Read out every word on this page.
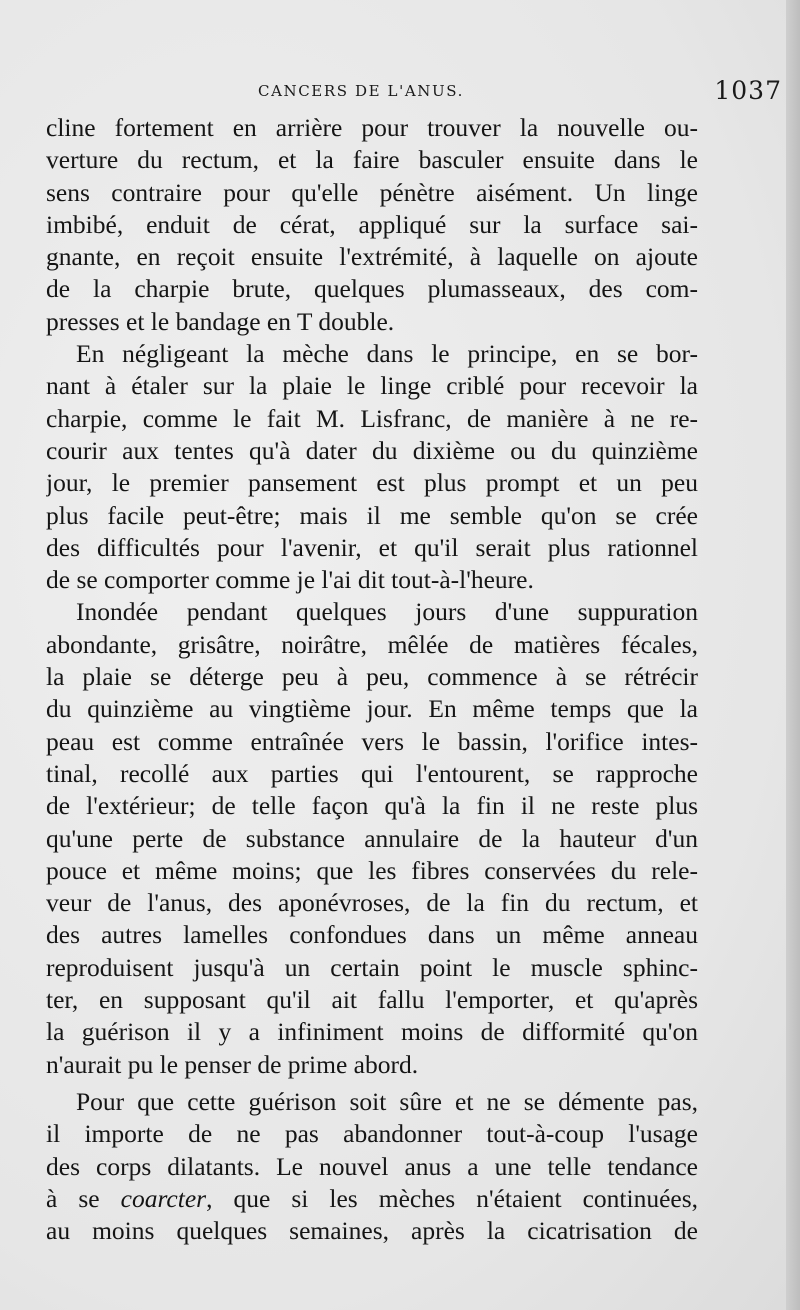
CANCERS DE L'ANUS.	1037
cline fortement en arrière pour trouver la nouvelle ou-
verture du rectum, et la faire basculer ensuite dans le
sens contraire pour qu'elle pénètre aisément. Un linge
imbibé, enduit de cérat, appliqué sur la surface sai-
gnante, en reçoit ensuite l'extrémité, à laquelle on ajoute
de la charpie brute, quelques plumasseaux, des com-
presses et le bandage en T double.
En négligeant la mèche dans le principe, en se bor-
nant à étaler sur la plaie le linge criblé pour recevoir la
charpie, comme le fait M. Lisfranc, de manière à ne re-
courir aux tentes qu'à dater du dixième ou du quinzième
jour, le premier pansement est plus prompt et un peu
plus facile peut-être; mais il me semble qu'on se crée
des difficultés pour l'avenir, et qu'il serait plus rationnel
de se comporter comme je l'ai dit tout-à-l'heure.
Inondée pendant quelques jours d'une suppuration
abondante, grisâtre, noirâtre, mêlée de matières fécales,
la plaie se déterge peu à peu, commence à se rétrécir
du quinzième au vingtième jour. En même temps que la
peau est comme entraînée vers le bassin, l'orifice intes-
tinal, recollé aux parties qui l'entourent, se rapproche
de l'extérieur; de telle façon qu'à la fin il ne reste plus
qu'une perte de substance annulaire de la hauteur d'un
pouce et même moins; que les fibres conservées du rele-
veur de l'anus, des aponévroses, de la fin du rectum, et
des autres lamelles confondues dans un même anneau
reproduisent jusqu'à un certain point le muscle sphinc-
ter, en supposant qu'il ait fallu l'emporter, et qu'après
la guérison il y a infiniment moins de difformité qu'on
n'aurait pu le penser de prime abord.
Pour que cette guérison soit sûre et ne se démente pas,
il importe de ne pas abandonner tout-à-coup l'usage
des corps dilatants. Le nouvel anus a une telle tendance
à se coarcter, que si les mèches n'étaient continuées,
au moins quelques semaines, après la cicatrisation de
